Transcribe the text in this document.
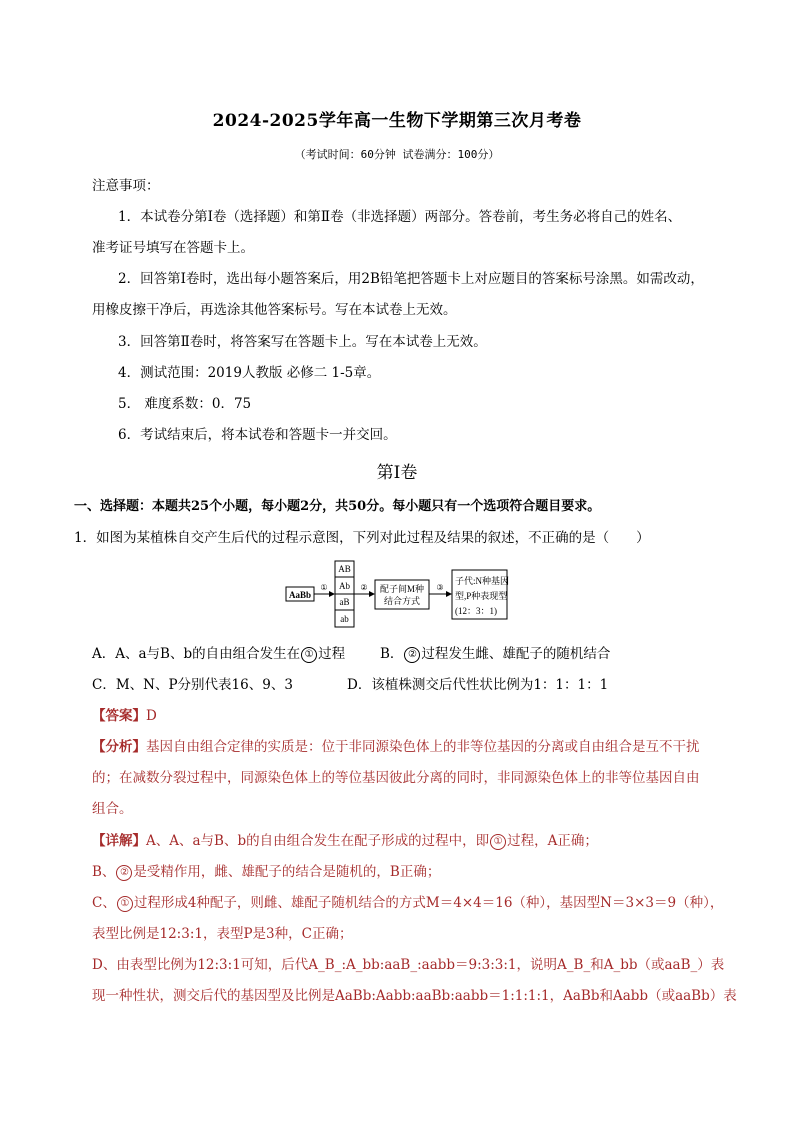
2024-2025学年高一生物下学期第三次月考卷
（考试时间：60分钟 试卷满分：100分）
注意事项：
1．本试卷分第Ⅰ卷（选择题）和第Ⅱ卷（非选择题）两部分。答卷前，考生务必将自己的姓名、
准考证号填写在答题卡上。
2．回答第Ⅰ卷时，选出每小题答案后，用2B铅笔把答题卡上对应题目的答案标号涂黑。如需改动，
用橡皮擦干净后，再选涂其他答案标号。写在本试卷上无效。
3．回答第Ⅱ卷时，将答案写在答题卡上。写在本试卷上无效。
4．测试范围：2019人教版 必修二 1-5章。
5． 难度系数：0．75
6．考试结束后，将本试卷和答题卡一并交回。
第Ⅰ卷
一、选择题：本题共25个小题，每小题2分，共50分。每小题只有一个选项符合题目要求。
1．如图为某植株自交产生后代的过程示意图，下列对此过程及结果的叙述，不正确的是（　　）
AaBb
①
AB
Ab
aB
ab
② 配子间M种
结合方式
③
子代:N种基因
型,P种表现型
(12：3：1)
A．A、a与B、b的自由组合发生在 ① 过程	B． ② 过程发生雌、雄配子的随机结合
C．M、N、P分别代表16、9、3	D．该植株测交后代性状比例为1：1：1：1
【答案】D
【分析】基因自由组合定律的实质是：位于非同源染色体上的非等位基因的分离或自由组合是互不干扰
的；在减数分裂过程中，同源染色体上的等位基因彼此分离的同时，非同源染色体上的非等位基因自由
组合。
【详解】A、A、a与B、b的自由组合发生在配子形成的过程中，即 ① 过程，A正确；
B、 ② 是受精作用，雌、雄配子的结合是随机的，B正确；
C、 ① 过程形成4种配子，则雌、雄配子随机结合的方式M＝4×4＝16（种），基因型N＝3×3＝9（种），
表型比例是12:3:1，表型P是3种，C正确；
D、由表型比例为12:3:1可知，后代A_B_:A_bb:aaB_:aabb＝9:3:3:1，说明A_B_和A_bb（或aaB_）表
现一种性状，测交后代的基因型及比例是AaBb:Aabb:aaBb:aabb＝1:1:1:1，AaBb和Aabb（或aaBb）表
